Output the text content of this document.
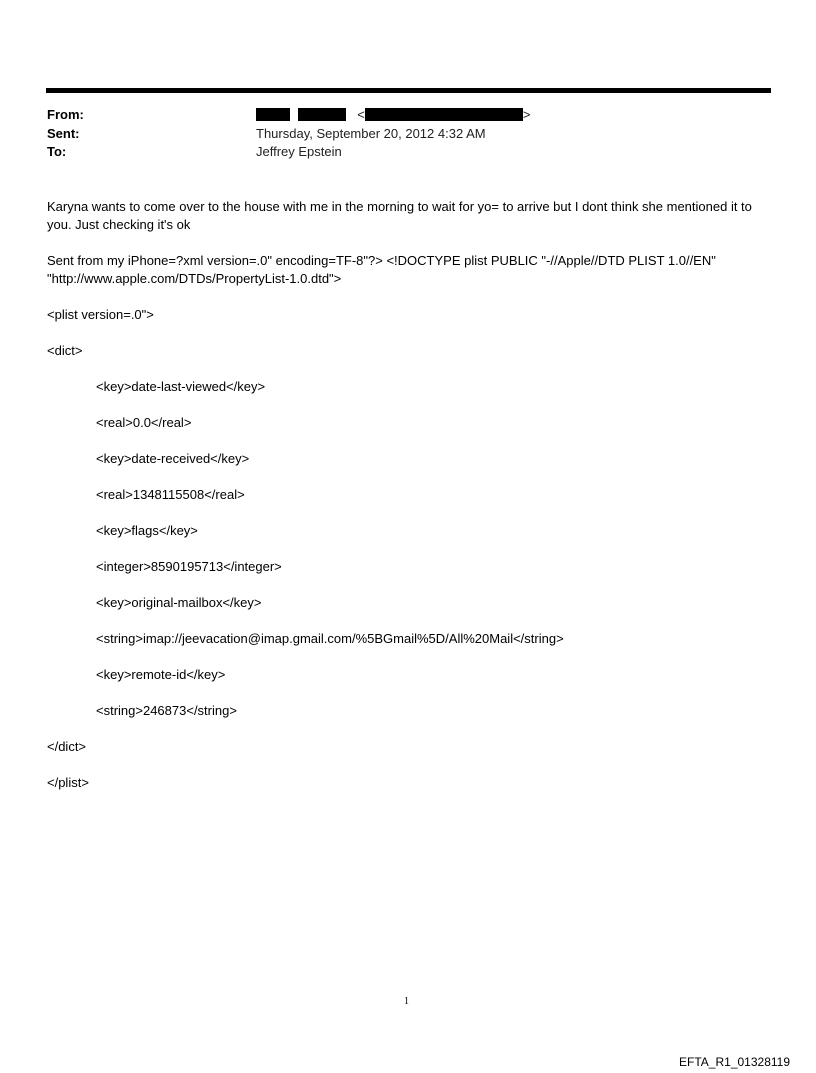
From:	<	>
Sent:	Thursday, September 20, 2012 4:32 AM
To:	Jeffrey Epstein

Karyna wants to come over to the house with me in the morning to wait for yo= to arrive but I dont think she mentioned it to you. Just checking it's ok

Sent from my iPhone=?xml version=.0" encoding=TF-8"?> <!DOCTYPE plist PUBLIC "-//Apple//DTD PLIST 1.0//EN"

"http://www.apple.com/DTDs/PropertyList-1.0.dtd">

<plist version=.0">

<dict>

<key>date-last-viewed</key>

<real>0.0</real>

<key>date-received</key>

<real>1348115508</real>

<key>flags</key>

<integer>8590195713</integer>

<key>original-mailbox</key>

<string>imap://jeevacation@imap.gmail.com/%5BGmail%5D/All%20Mail</string>

<key>remote-id</key>

<string>246873</string>

</dict>

</plist>

1
EFTA_R1_01328119
